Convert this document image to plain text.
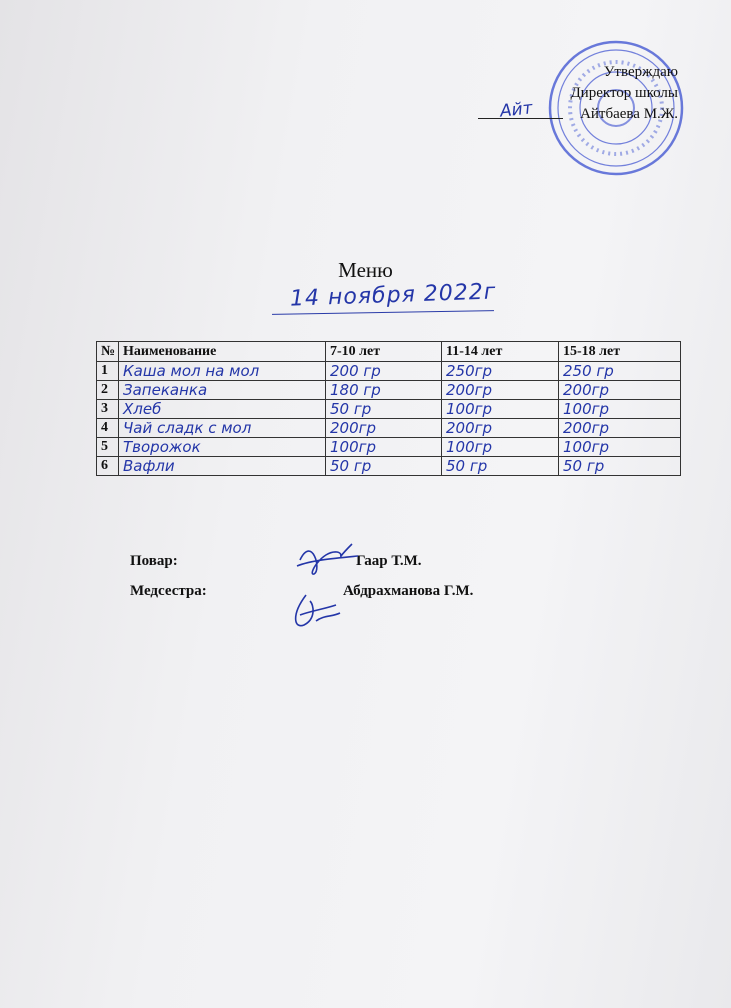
Утверждаю
Директор школы
Айтбаева М.Ж.
Айт
Меню
14 ноября 2022г
№	Наименование	7-10 лет	11-14 лет	15-18 лет
1	Каша мол на мол	200 гр	250гр	250 гр
2	Запеканка	180 гр	200гр	200гр
3	Хлеб	50 гр	100гр	100гр
4	Чай сладк с мол	200гр	200гр	200гр
5	Творожок	100гр	100гр	100гр
6	Вафли	50 гр	50 гр	50 гр
Повар:	Гаар Т.М.
Медсестра:	Абдрахманова Г.М.
